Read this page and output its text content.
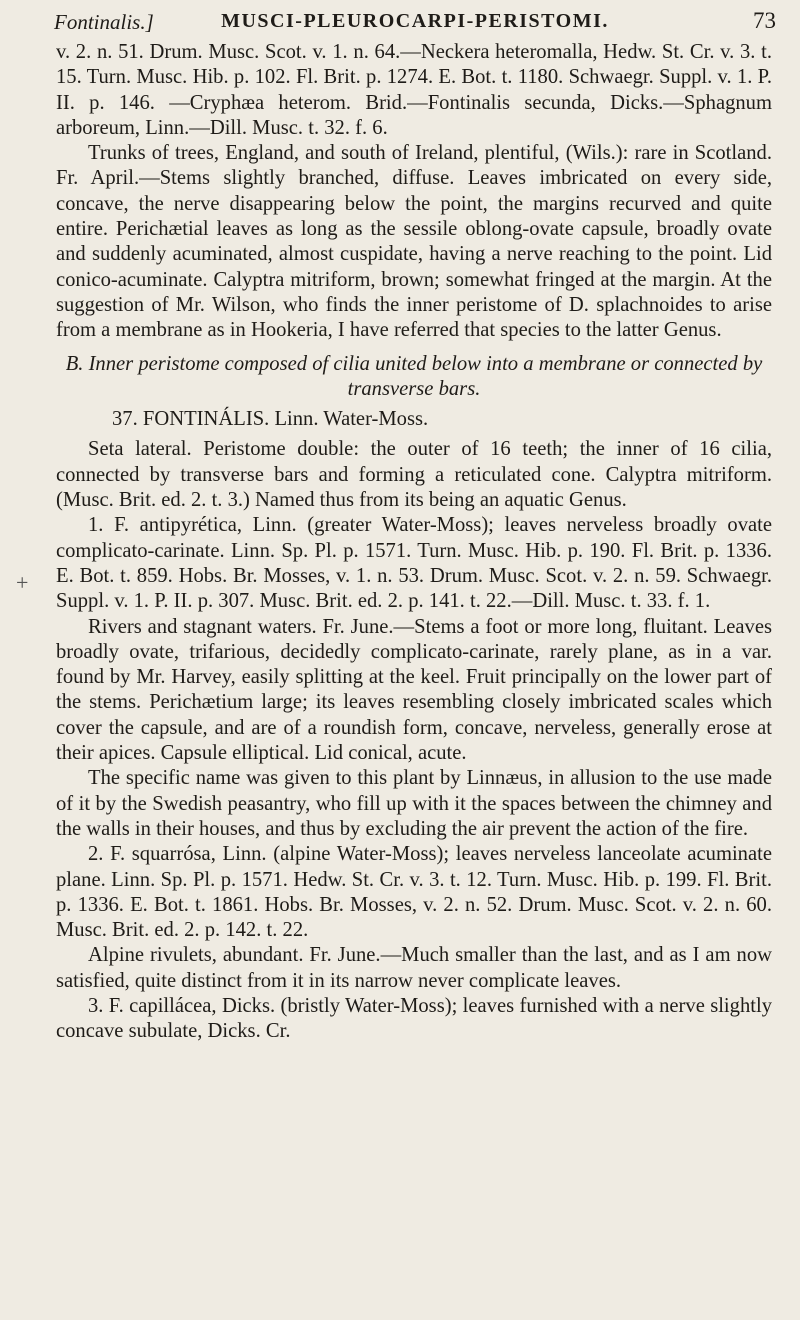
Fontinalis.]	MUSCI-PLEUROCARPI-PERISTOMI.	73
+

v. 2. n. 51. Drum. Musc. Scot. v. 1. n. 64.—Neckera heteromalla, Hedw. St. Cr. v. 3. t. 15. Turn. Musc. Hib. p. 102. Fl. Brit. p. 1274. E. Bot. t. 1180. Schwaegr. Suppl. v. 1. P. II. p. 146. —Cryphæa heterom. Brid.—Fontinalis secunda, Dicks.—Sphagnum arboreum, Linn.—Dill. Musc. t. 32. f. 6.

Trunks of trees, England, and south of Ireland, plentiful, (Wils.): rare in Scotland. Fr. April.—Stems slightly branched, diffuse. Leaves imbricated on every side, concave, the nerve disappearing below the point, the margins recurved and quite entire. Perichætial leaves as long as the sessile oblong-ovate capsule, broadly ovate and suddenly acuminated, almost cuspidate, having a nerve reaching to the point. Lid conico-acuminate. Calyptra mitriform, brown; somewhat fringed at the margin. At the suggestion of Mr. Wilson, who finds the inner peristome of D. splachnoides to arise from a membrane as in Hookeria, I have referred that species to the latter Genus.

B. Inner peristome composed of cilia united below into a membrane or connected by transverse bars.

37. FONTINÁLIS. Linn. Water-Moss.

Seta lateral. Peristome double: the outer of 16 teeth; the inner of 16 cilia, connected by transverse bars and forming a reticulated cone. Calyptra mitriform. (Musc. Brit. ed. 2. t. 3.) Named thus from its being an aquatic Genus.

1. F. antipyrética, Linn. (greater Water-Moss); leaves nerveless broadly ovate complicato-carinate. Linn. Sp. Pl. p. 1571. Turn. Musc. Hib. p. 190. Fl. Brit. p. 1336. E. Bot. t. 859. Hobs. Br. Mosses, v. 1. n. 53. Drum. Musc. Scot. v. 2. n. 59. Schwaegr. Suppl. v. 1. P. II. p. 307. Musc. Brit. ed. 2. p. 141. t. 22.—Dill. Musc. t. 33. f. 1.

Rivers and stagnant waters. Fr. June.—Stems a foot or more long, fluitant. Leaves broadly ovate, trifarious, decidedly complicato-carinate, rarely plane, as in a var. found by Mr. Harvey, easily splitting at the keel. Fruit principally on the lower part of the stems. Perichætium large; its leaves resembling closely imbricated scales which cover the capsule, and are of a roundish form, concave, nerveless, generally erose at their apices. Capsule elliptical. Lid conical, acute.

The specific name was given to this plant by Linnæus, in allusion to the use made of it by the Swedish peasantry, who fill up with it the spaces between the chimney and the walls in their houses, and thus by excluding the air prevent the action of the fire.

2. F. squarrósa, Linn. (alpine Water-Moss); leaves nerveless lanceolate acuminate plane. Linn. Sp. Pl. p. 1571. Hedw. St. Cr. v. 3. t. 12. Turn. Musc. Hib. p. 199. Fl. Brit. p. 1336. E. Bot. t. 1861. Hobs. Br. Mosses, v. 2. n. 52. Drum. Musc. Scot. v. 2. n. 60. Musc. Brit. ed. 2. p. 142. t. 22.

Alpine rivulets, abundant. Fr. June.—Much smaller than the last, and as I am now satisfied, quite distinct from it in its narrow never complicate leaves.

3. F. capillácea, Dicks. (bristly Water-Moss); leaves furnished with a nerve slightly concave subulate, Dicks. Cr.
